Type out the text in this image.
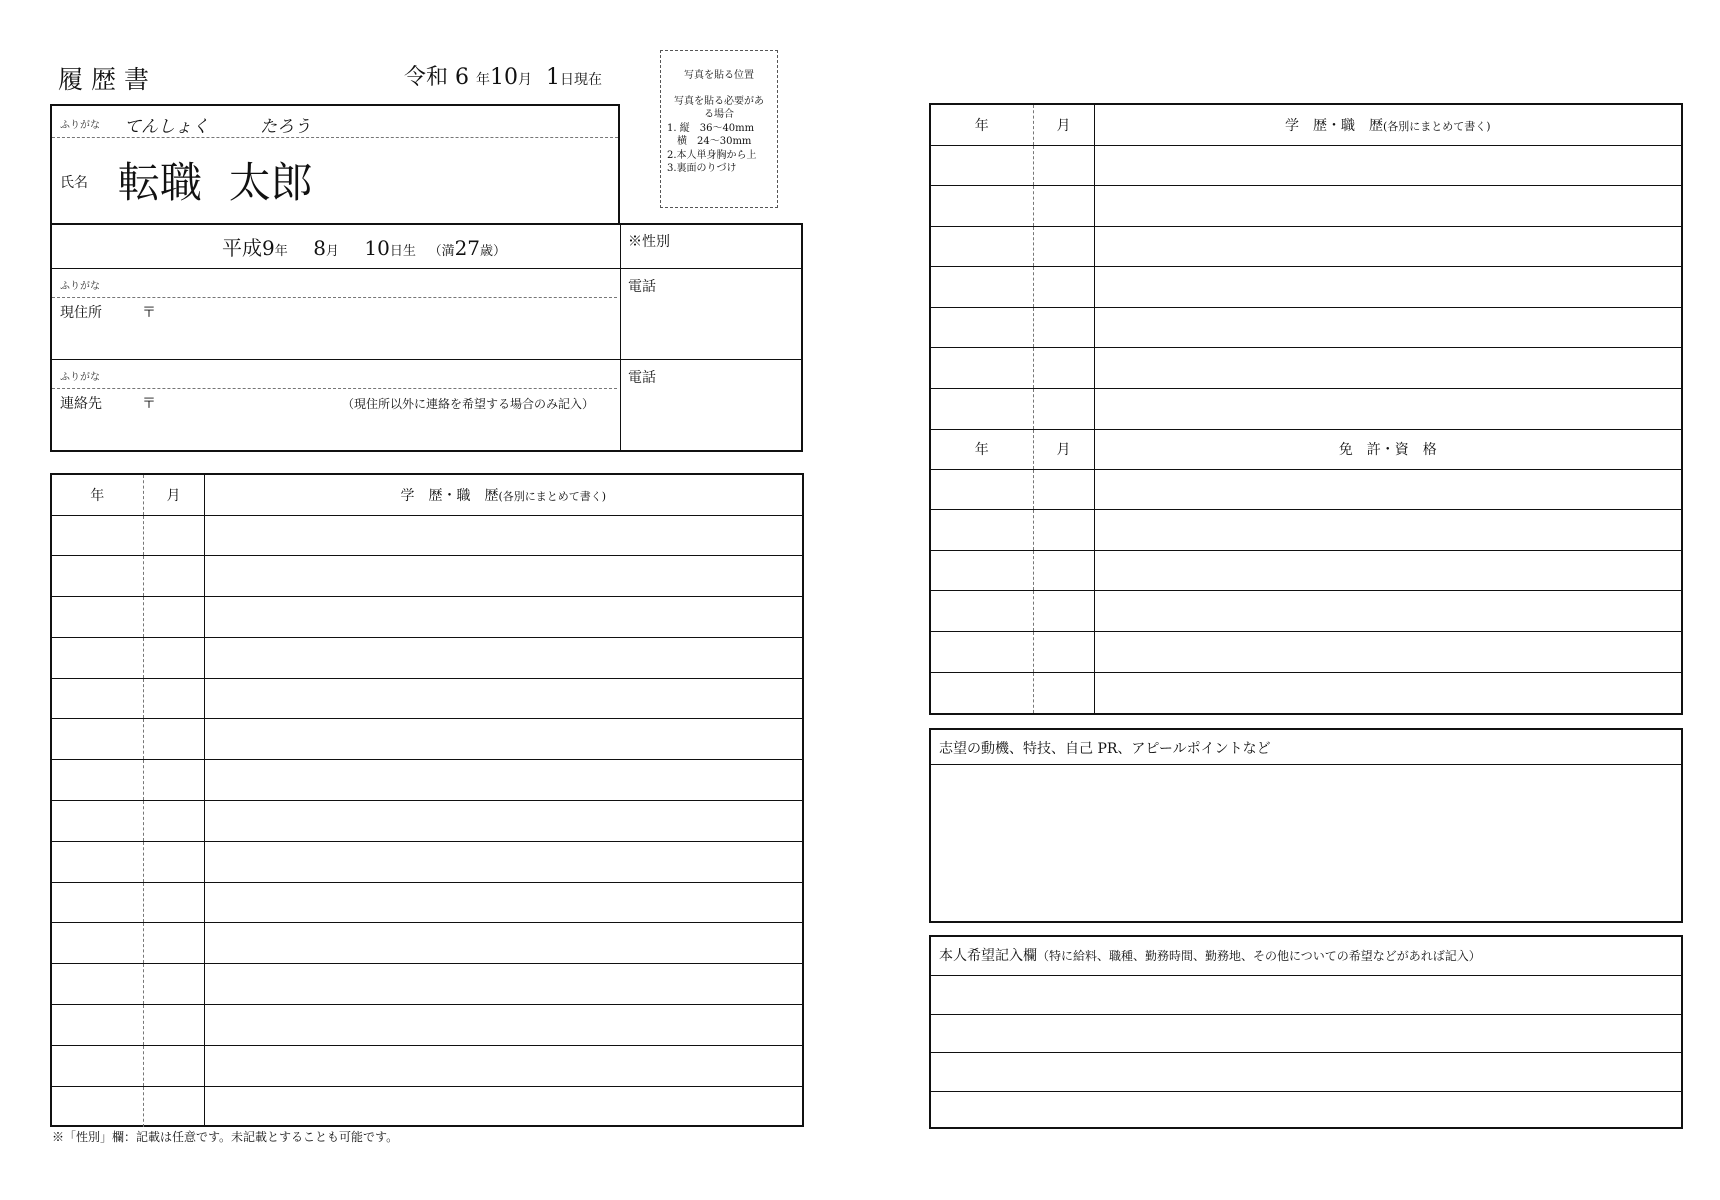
履歴書	令和 6 年10月 1日現在	写真を貼る位置
写真を貼る必要があ
る場合
1. 縦　36〜40mm
　横　24〜30mm
2.本人単身胸から上
3.裏面のりづけ
ふりがな てんしょく　　　たろう
氏名 転職  太郎
平成9年 8月 10日生 （満27歳）
※性別
ふりがな
現住所	〒
電話
ふりがな
連絡先	〒	（現住所以外に連絡を希望する場合のみ記入）
電話
年	月	学　歴・職　歴(各別にまとめて書く)

年	月	学　歴・職　歴(各別にまとめて書く)

年	月	免　許・資　格

志望の動機、特技、自己 PR、アピールポイントなど
本人希望記入欄（特に給料、職種、勤務時間、勤務地、その他についての希望などがあれば記入）
※「性別」欄：記載は任意です。未記載とすることも可能です。
